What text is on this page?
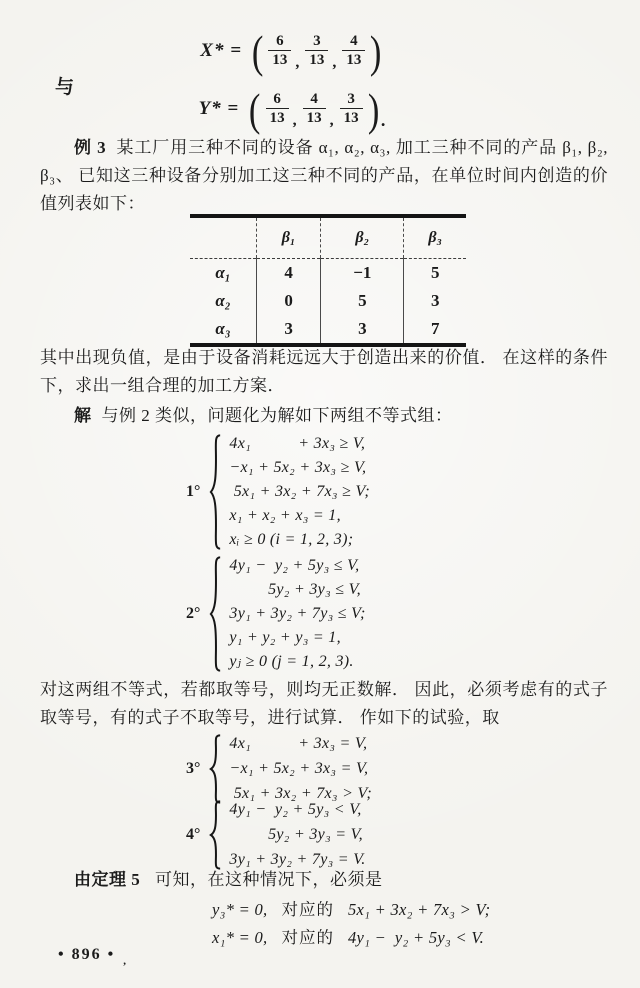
X* = ( $\frac{6}{13}$ , $\frac{3}{13}$ , $\frac{4}{13}$ )
与
Y* = ( $\frac{6}{13}$ , $\frac{4}{13}$ , $\frac{3}{13}$ ) .

例 3 某工厂用三种不同的设备 α₁, α₂, α₃, 加工三种不同的产品 β₁, β₂, β₃、 已知这三种设备分别加工这三种不同的产品，在单位时间内创造的价值列表如下：

	β₁	β₂	β₃
α₁	4	−1	5
α₂	0	5	3
α₃	3	3	7

其中出现负值，是由于设备消耗远远大于创造出来的价值． 在这样的条件下，求出一组合理的加工方案．

解 与例 2 类似，问题化为解如下两组不等式组：

1°
4x₁           + 3x₃ ≥ V,
−x₁ + 5x₂ + 3x₃ ≥ V,
5x₁ + 3x₂ + 7x₃ ≥ V;
x₁ + x₂ + x₃ = 1,
xᵢ ≥ 0 (i = 1, 2, 3);
2°
4y₁ −  y₂ + 5y₃ ≤ V,
5y₂ + 3y₃ ≤ V,
3y₁ + 3y₂ + 7y₃ ≤ V;
y₁ + y₂ + y₃ = 1,
yⱼ ≥ 0 (j = 1, 2, 3).

对这两组不等式，若都取等号，则均无正数解． 因此，必须考虑有的式子取等号，有的式子不取等号，进行试算． 作如下的试验，取

3°
4x₁           + 3x₃ = V,
−x₁ + 5x₂ + 3x₃ = V,
5x₁ + 3x₂ + 7x₃ > V;
4°
4y₁ −  y₂ + 5y₃ < V,
5y₂ + 3y₃ = V,
3y₁ + 3y₂ + 7y₃ = V.

由定理 5 可知，在这种情况下，必须是

y₃* = 0, 对应的 5x₁ + 3x₂ + 7x₃ > V;
x₁* = 0, 对应的 4y₁ −  y₂ + 5y₃ < V.
• 896 • $_,$
